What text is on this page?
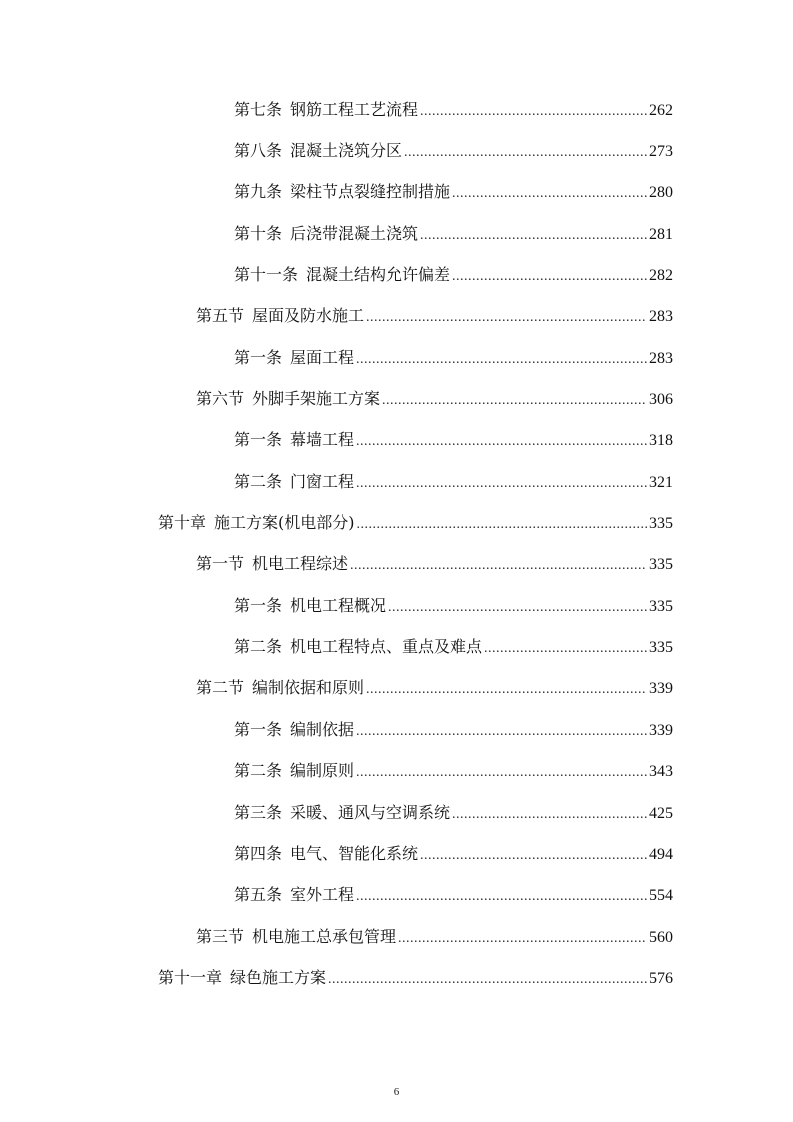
第七条 钢筋工程工艺流程 .....	262
第八条 混凝土浇筑分区 .....	273
第九条 梁柱节点裂缝控制措施 .....	280
第十条 后浇带混凝土浇筑 .....	281
第十一条 混凝土结构允许偏差 .....	282
第五节 屋面及防水施工 .....	283
第一条 屋面工程 .....	283
第六节 外脚手架施工方案 .....	306
第一条 幕墙工程 .....	318
第二条 门窗工程 .....	321
第十章 施工方案(机电部分) .....	335
第一节 机电工程综述 .....	335
第一条 机电工程概况 .....	335
第二条 机电工程特点、重点及难点 .....	335
第二节 编制依据和原则 .....	339
第一条 编制依据 .....	339
第二条 编制原则 .....	343
第三条 采暖、通风与空调系统 .....	425
第四条 电气、智能化系统 .....	494
第五条 室外工程 .....	554
第三节 机电施工总承包管理 .....	560
第十一章 绿色施工方案 .....	576
6
